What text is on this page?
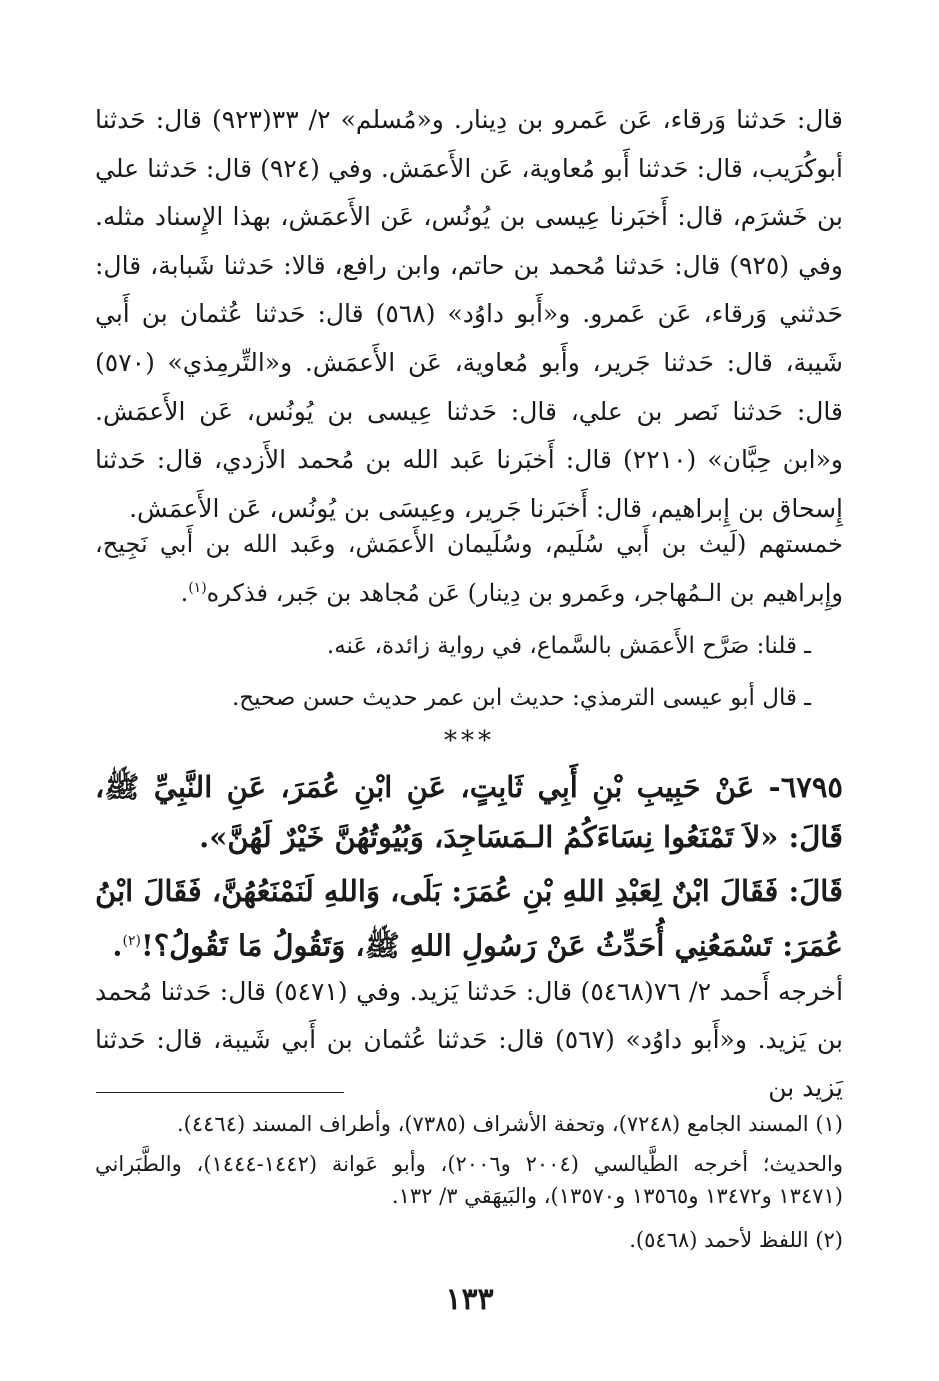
قال: حَدثنا وَرقاء، عَن عَمرو بن دِينار. و«مُسلم» ٢/ ٣٣(٩٢٣) قال: حَدثنا أبوكُرَيب، قال: حَدثنا أَبو مُعاوية، عَن الأَعمَش. وفي (٩٢٤) قال: حَدثنا علي بن خَشرَم، قال: أَخبَرنا عِيسى بن يُونُس، عَن الأَعمَش، بهذا الإِسناد مثله. وفي (٩٢٥) قال: حَدثنا مُحمد بن حاتم، وابن رافع، قالا: حَدثنا شَبابة، قال: حَدثني وَرقاء، عَن عَمرو. و«أَبو داوُد» (٥٦٨) قال: حَدثنا عُثمان بن أَبي شَيبة، قال: حَدثنا جَرير، وأَبو مُعاوية، عَن الأَعمَش. و«التِّرمِذي» (٥٧٠) قال: حَدثنا نَصر بن علي، قال: حَدثنا عِيسى بن يُونُس، عَن الأَعمَش. و«ابن حِبَّان» (٢٢١٠) قال: أَخبَرنا عَبد الله بن مُحمد الأَزدي، قال: حَدثنا إِسحاق بن إِبراهيم، قال: أَخبَرنا جَرير، وعِيسَى بن يُونُس، عَن الأَعمَش.
خمستهم (لَيث بن أَبي سُلَيم، وسُلَيمان الأَعمَش، وعَبد الله بن أَبي نَجِيح، وإِبراهيم بن الـمُهاجر، وعَمرو بن دِينار) عَن مُجاهد بن جَبر، فذكره$^{(١)}$.
ـ قلنا: صَرَّح الأَعمَش بالسَّماع، في رواية زائدة، عَنه.
ـ قال أبو عيسى الترمذي: حديث ابن عمر حديث حسن صحيح.
***
٦٧٩٥- عَنْ حَبِيبِ بْنِ أَبِي ثَابِتٍ، عَنِ ابْنِ عُمَرَ، عَنِ النَّبِيِّ ﷺ، قَالَ: «لاَ تَمْنَعُوا نِسَاءَكُمُ الـمَسَاجِدَ، وَبُيُوتُهُنَّ خَيْرٌ لَهُنَّ».
قَالَ: فَقَالَ ابْنٌ لِعَبْدِ اللهِ بْنِ عُمَرَ: بَلَى، وَاللهِ لَنَمْنَعُهُنَّ، فَقَالَ ابْنُ عُمَرَ: تَسْمَعُنِي أُحَدِّثُ عَنْ رَسُولِ اللهِ ﷺ، وَتَقُولُ مَا تَقُولُ؟!$^{(٢)}$.
أخرجه أَحمد ٢/ ٧٦(٥٤٦٨) قال: حَدثنا يَزيد. وفي (٥٤٧١) قال: حَدثنا مُحمد بن يَزيد. و«أَبو داوُد» (٥٦٧) قال: حَدثنا عُثمان بن أَبي شَيبة، قال: حَدثنا يَزيد بن
(١) المسند الجامع (٧٢٤٨)، وتحفة الأشراف (٧٣٨٥)، وأطراف المسند (٤٤٦٤).
والحديث؛ أخرجه الطَّيالسي (٢٠٠٤ و٢٠٠٦)، وأبو عَوانة (١٤٤٢-١٤٤٤)، والطَّبَراني (١٣٤٧١ و١٣٤٧٢ و١٣٥٦٥ و١٣٥٧٠)، والبَيهَقي ٣/ ١٣٢.
(٢) اللفظ لأحمد (٥٤٦٨).
١٣٣
